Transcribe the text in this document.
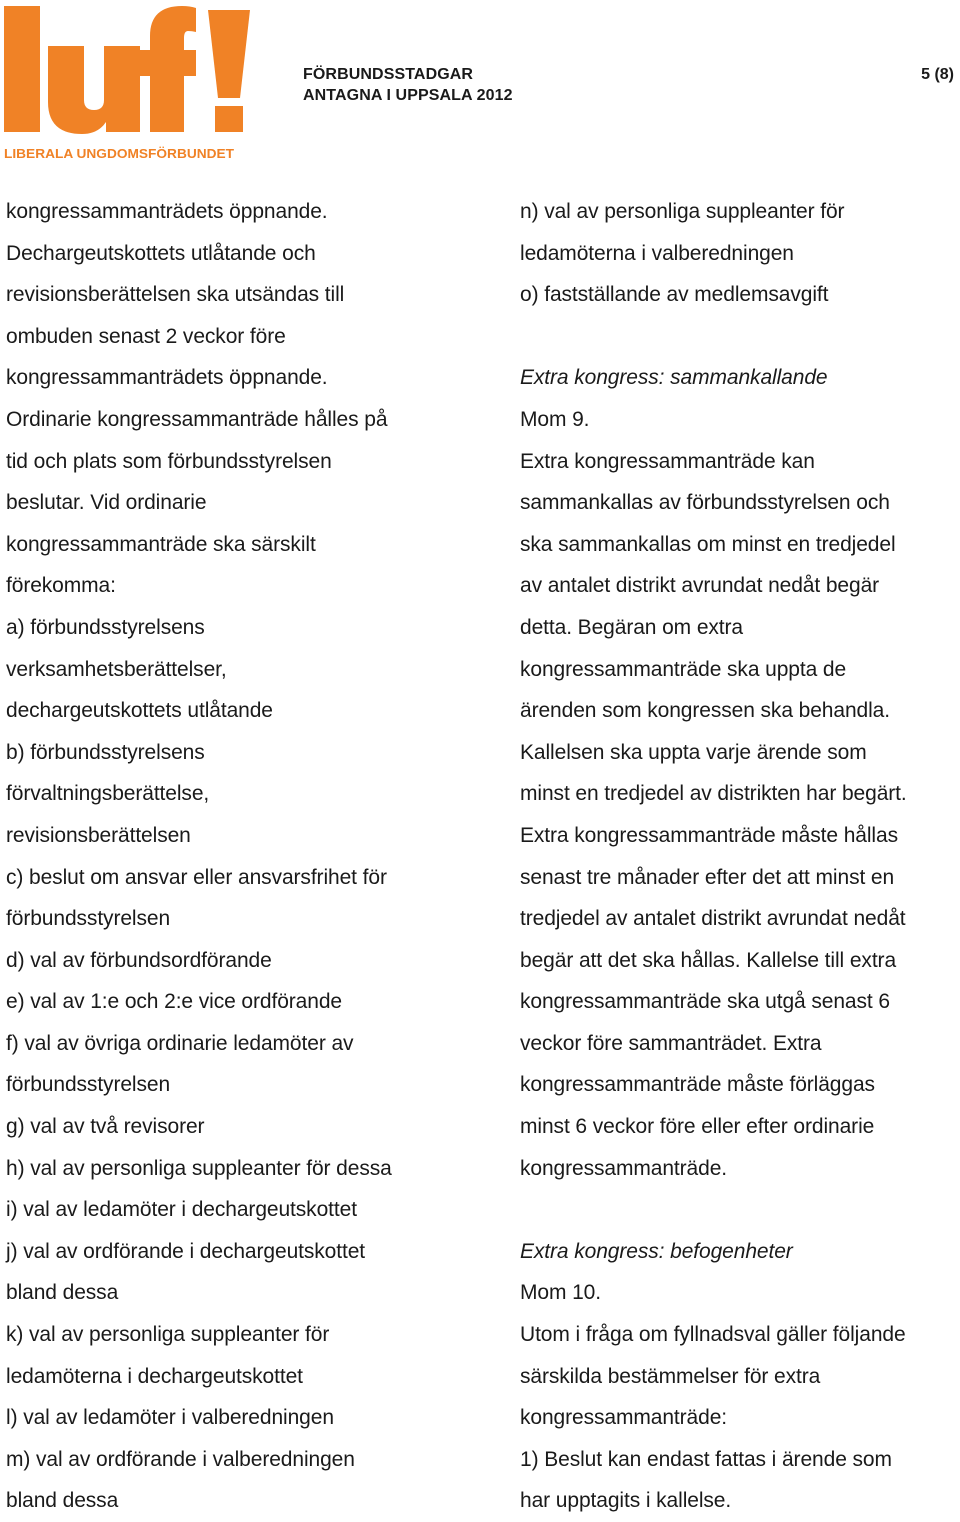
LIBERALA UNGDOMSFÖRBUNDET
FÖRBUNDSSTADGAR
ANTAGNA I UPPSALA 2012
5 (8)
kongressammanträdets öppnande.
Dechargeutskottets utlåtande och
revisionsberättelsen ska utsändas till
ombuden senast 2 veckor före
kongressammanträdets öppnande.
Ordinarie kongressammanträde hålles på
tid och plats som förbundsstyrelsen
beslutar. Vid ordinarie
kongressammanträde ska särskilt
förekomma:
a) förbundsstyrelsens
verksamhetsberättelser,
dechargeutskottets utlåtande
b) förbundsstyrelsens
förvaltningsberättelse,
revisionsberättelsen
c) beslut om ansvar eller ansvarsfrihet för
förbundsstyrelsen
d) val av förbundsordförande
e) val av 1:e och 2:e vice ordförande
f) val av övriga ordinarie ledamöter av
förbundsstyrelsen
g) val av två revisorer
h) val av personliga suppleanter för dessa
i) val av ledamöter i dechargeutskottet
j) val av ordförande i dechargeutskottet
bland dessa
k) val av personliga suppleanter för
ledamöterna i dechargeutskottet
l) val av ledamöter i valberedningen
m) val av ordförande i valberedningen
bland dessa
n) val av personliga suppleanter för
ledamöterna i valberedningen
o) fastställande av medlemsavgift
Extra kongress: sammankallande
Mom 9.
Extra kongressammanträde kan
sammankallas av förbundsstyrelsen och
ska sammankallas om minst en tredjedel
av antalet distrikt avrundat nedåt begär
detta. Begäran om extra
kongressammanträde ska uppta de
ärenden som kongressen ska behandla.
Kallelsen ska uppta varje ärende som
minst en tredjedel av distrikten har begärt.
Extra kongressammanträde måste hållas
senast tre månader efter det att minst en
tredjedel av antalet distrikt avrundat nedåt
begär att det ska hållas. Kallelse till extra
kongressammanträde ska utgå senast 6
veckor före sammanträdet. Extra
kongressammanträde måste förläggas
minst 6 veckor före eller efter ordinarie
kongressammanträde.
Extra kongress: befogenheter
Mom 10.
Utom i fråga om fyllnadsval gäller följande
särskilda bestämmelser för extra
kongressammanträde:
1) Beslut kan endast fattas i ärende som
har upptagits i kallelse.
